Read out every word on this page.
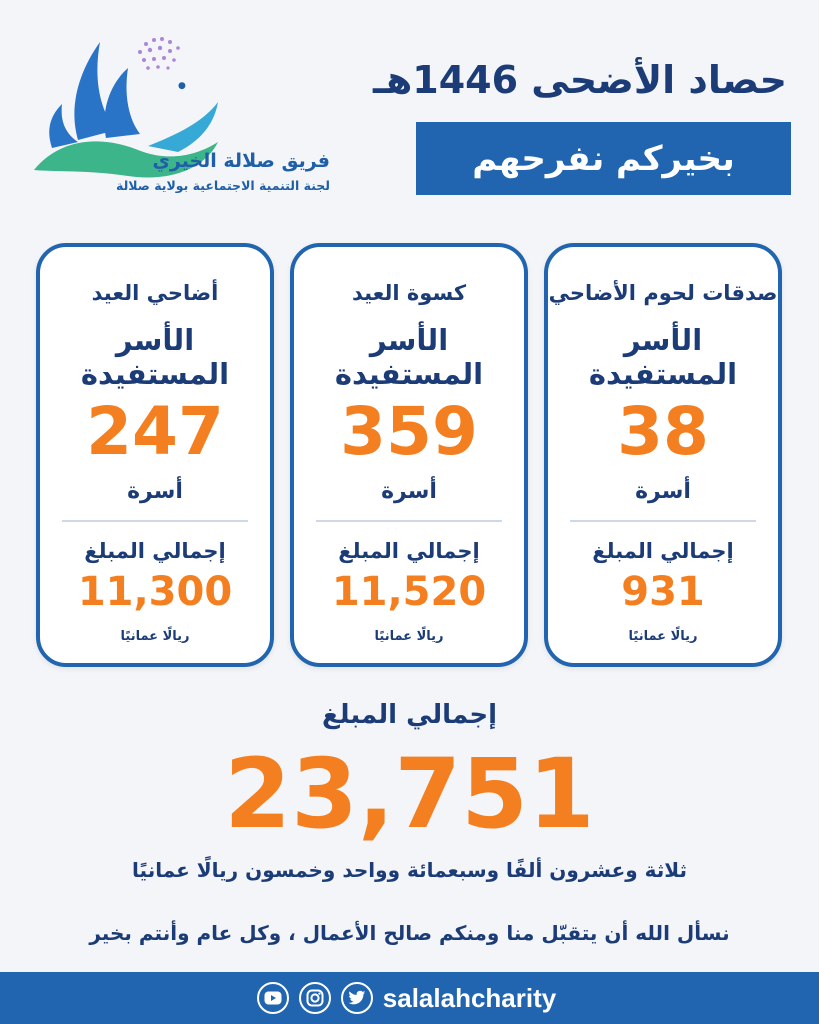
●
فريق صلالة الخيري
لجنة التنمية الاجتماعية بولاية صلالة
حصاد الأضحى 1446هـ
بخيركم نفرحهم
صدقات لحوم الأضاحي
الأسر
المستفيدة
38
أسرة
إجمالي المبلغ
931
ريالًا عمانيًا
كسوة العيد
الأسر
المستفيدة
359
أسرة
إجمالي المبلغ
11,520
ريالًا عمانيًا
أضاحي العيد
الأسر
المستفيدة
247
أسرة
إجمالي المبلغ
11,300
ريالًا عمانيًا
إجمالي المبلغ
23,751
ثلاثة وعشرون ألفًا وسبعمائة وواحد وخمسون ريالًا عمانيًا
نسأل الله أن يتقبّل منا ومنكم صالح الأعمال ، وكل عام وأنتم بخير
salalahcharity
